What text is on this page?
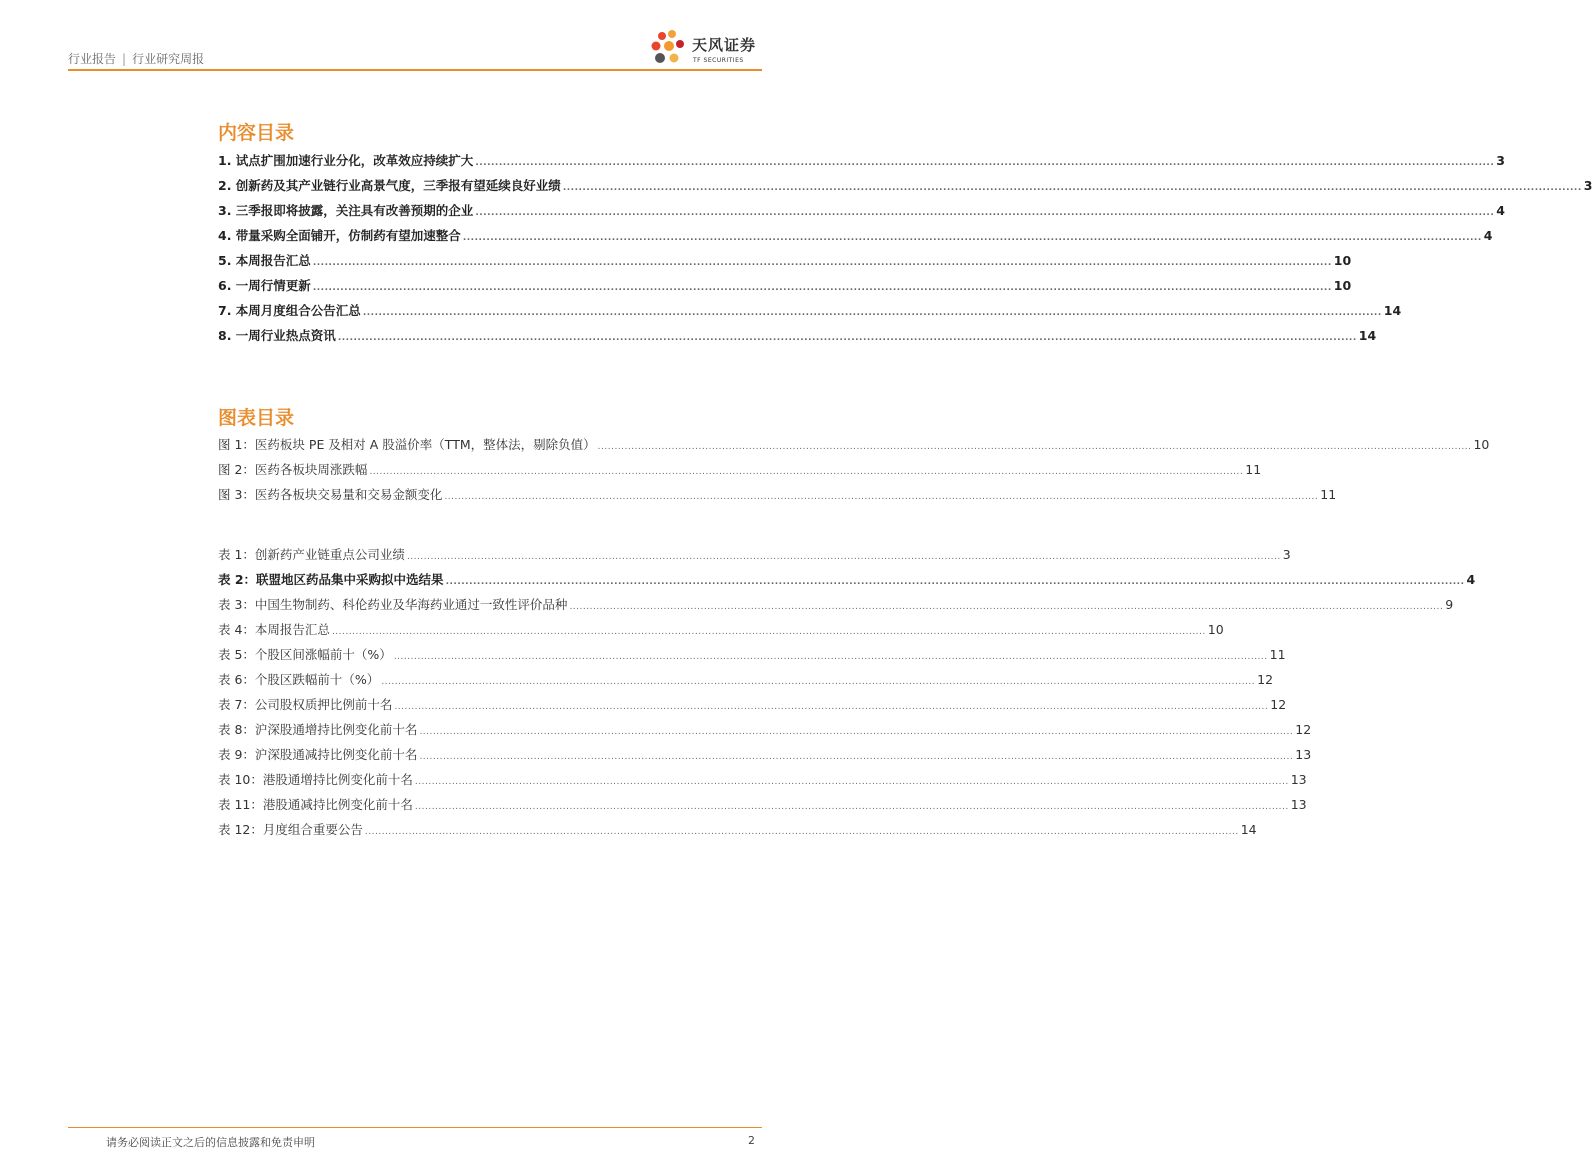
行业报告 | 行业研究周报
天风证券
TF SECURITIES
内容目录
1. 试点扩围加速行业分化，改革效应持续扩大 .................................................................................................................................................................................................................................................................... 3
2. 创新药及其产业链行业高景气度，三季报有望延续良好业绩 .................................................................................................................................................................................................................................................................... 3
3. 三季报即将披露，关注具有改善预期的企业 .................................................................................................................................................................................................................................................................... 4
4. 带量采购全面铺开，仿制药有望加速整合 .................................................................................................................................................................................................................................................................... 4
5. 本周报告汇总 .................................................................................................................................................................................................................................................................... 10
6. 一周行情更新 .................................................................................................................................................................................................................................................................... 10
7. 本周月度组合公告汇总 .................................................................................................................................................................................................................................................................... 14
8. 一周行业热点资讯 .................................................................................................................................................................................................................................................................... 14
图表目录
图 1：医药板块 PE 及相对 A 股溢价率（TTM，整体法，剔除负值） .................................................................................................................................................................................................................................................................... 10
图 2：医药各板块周涨跌幅 .................................................................................................................................................................................................................................................................... 11
图 3：医药各板块交易量和交易金额变化 .................................................................................................................................................................................................................................................................... 11
表 1：创新药产业链重点公司业绩 .................................................................................................................................................................................................................................................................... 3
表 2：联盟地区药品集中采购拟中选结果 .................................................................................................................................................................................................................................................................... 4
表 3：中国生物制药、科伦药业及华海药业通过一致性评价品种 .................................................................................................................................................................................................................................................................... 9
表 4：本周报告汇总 .................................................................................................................................................................................................................................................................... 10
表 5：个股区间涨幅前十（%） .................................................................................................................................................................................................................................................................... 11
表 6：个股区跌幅前十（%） .................................................................................................................................................................................................................................................................... 12
表 7：公司股权质押比例前十名 .................................................................................................................................................................................................................................................................... 12
表 8：沪深股通增持比例变化前十名 .................................................................................................................................................................................................................................................................... 12
表 9：沪深股通减持比例变化前十名 .................................................................................................................................................................................................................................................................... 13
表 10：港股通增持比例变化前十名 .................................................................................................................................................................................................................................................................... 13
表 11：港股通减持比例变化前十名 .................................................................................................................................................................................................................................................................... 13
表 12：月度组合重要公告 .................................................................................................................................................................................................................................................................... 14
请务必阅读正文之后的信息披露和免责申明	2
